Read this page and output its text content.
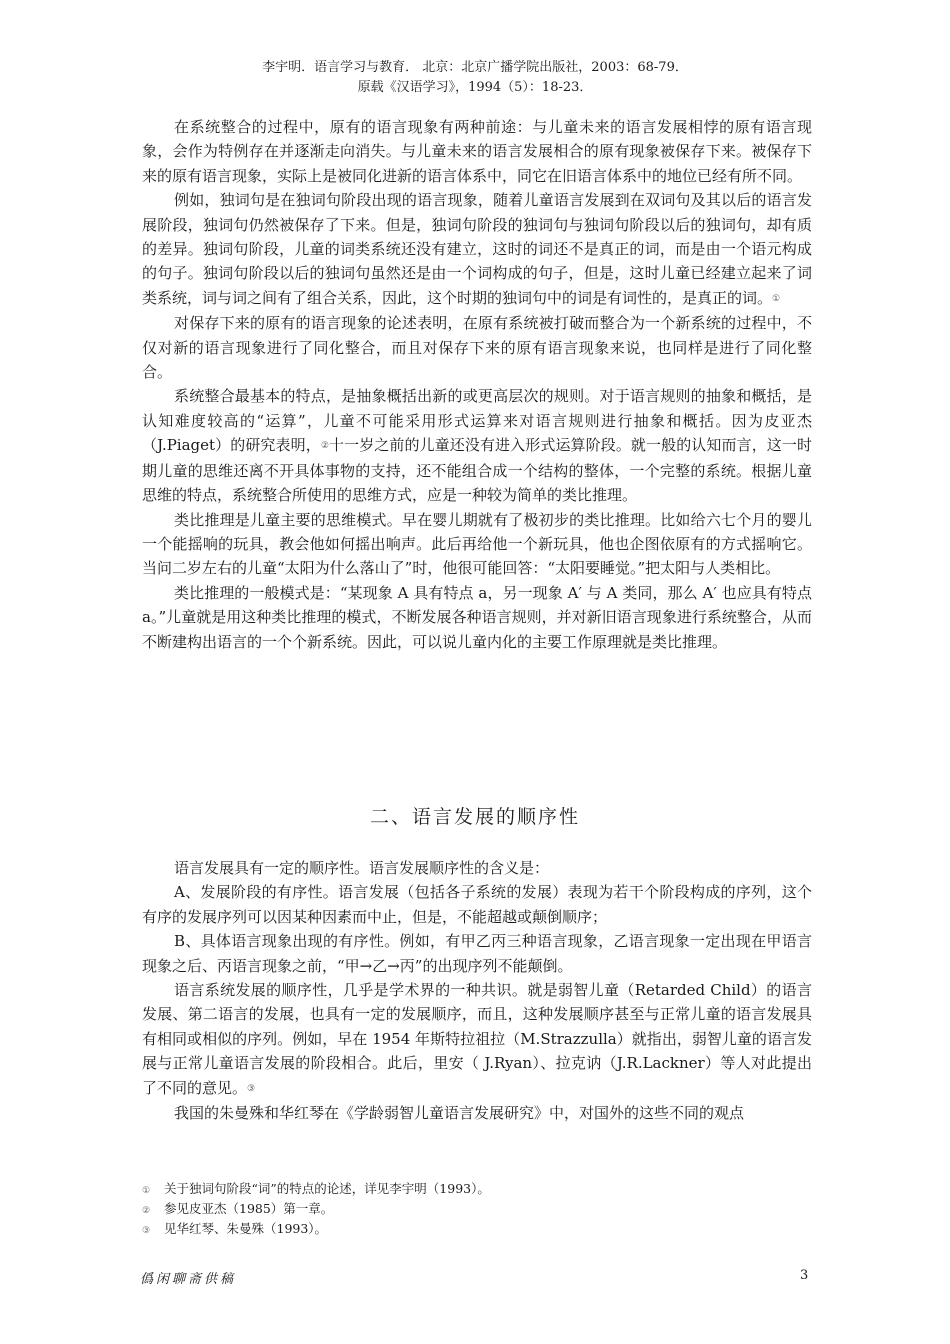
李宇明．语言学习与教育． 北京：北京广播学院出版社，2003：68-79．
原载《汉语学习》，1994（5）：18-23．

在系统整合的过程中，原有的语言现象有两种前途：与儿童未来的语言发展相悖的原有语言现象，会作为特例存在并逐渐走向消失。与儿童未来的语言发展相合的原有现象被保存下来。被保存下来的原有语言现象，实际上是被同化进新的语言体系中，同它在旧语言体系中的地位已经有所不同。

例如，独词句是在独词句阶段出现的语言现象，随着儿童语言发展到在双词句及其以后的语言发展阶段，独词句仍然被保存了下来。但是，独词句阶段的独词句与独词句阶段以后的独词句，却有质的差异。独词句阶段，儿童的词类系统还没有建立，这时的词还不是真正的词，而是由一个语元构成的句子。独词句阶段以后的独词句虽然还是由一个词构成的句子，但是，这时儿童已经建立起来了词类系统，词与词之间有了组合关系，因此，这个时期的独词句中的词是有词性的，是真正的词。①

对保存下来的原有的语言现象的论述表明，在原有系统被打破而整合为一个新系统的过程中，不仅对新的语言现象进行了同化整合，而且对保存下来的原有语言现象来说，也同样是进行了同化整合。

系统整合最基本的特点，是抽象概括出新的或更高层次的规则。对于语言规则的抽象和概括，是认知难度较高的“运算”，儿童不可能采用形式运算来对语言规则进行抽象和概括。因为皮亚杰（J.Piaget）的研究表明，②十一岁之前的儿童还没有进入形式运算阶段。就一般的认知而言，这一时期儿童的思维还离不开具体事物的支持，还不能组合成一个结构的整体，一个完整的系统。根据儿童思维的特点，系统整合所使用的思维方式，应是一种较为简单的类比推理。

类比推理是儿童主要的思维模式。早在婴儿期就有了极初步的类比推理。比如给六七个月的婴儿一个能摇响的玩具，教会他如何摇出响声。此后再给他一个新玩具，他也企图依原有的方式摇响它。当问二岁左右的儿童“太阳为什么落山了”时，他很可能回答：“太阳要睡觉。”把太阳与人类相比。

类比推理的一般模式是：“某现象 A 具有特点 a，另一现象 A′ 与 A 类同，那么 A′ 也应具有特点 a。”儿童就是用这种类比推理的模式，不断发展各种语言规则，并对新旧语言现象进行系统整合，从而不断建构出语言的一个个新系统。因此，可以说儿童内化的主要工作原理就是类比推理。

二、语言发展的顺序性

语言发展具有一定的顺序性。语言发展顺序性的含义是：

A、发展阶段的有序性。语言发展（包括各子系统的发展）表现为若干个阶段构成的序列，这个有序的发展序列可以因某种因素而中止，但是，不能超越或颠倒顺序；

B、具体语言现象出现的有序性。例如，有甲乙丙三种语言现象，乙语言现象一定出现在甲语言现象之后、丙语言现象之前，“甲→乙→丙”的出现序列不能颠倒。

语言系统发展的顺序性，几乎是学术界的一种共识。就是弱智儿童（Retarded Child）的语言发展、第二语言的发展，也具有一定的发展顺序，而且，这种发展顺序甚至与正常儿童的语言发展具有相同或相似的序列。例如，早在 1954 年斯特拉祖拉（M.Strazzulla）就指出，弱智儿童的语言发展与正常儿童语言发展的阶段相合。此后，里安（ J.Ryan）、拉克讷（J.R.Lackner）等人对此提出了不同的意见。③

我国的朱曼殊和华红琴在《学龄弱智儿童语言发展研究》中，对国外的这些不同的观点

① 关于独词句阶段“词”的特点的论述，详见李宇明（1993）。
② 参见皮亚杰（1985）第一章。
③ 见华红琴、朱曼殊（1993）。
僞闲聊斋供稿	3
